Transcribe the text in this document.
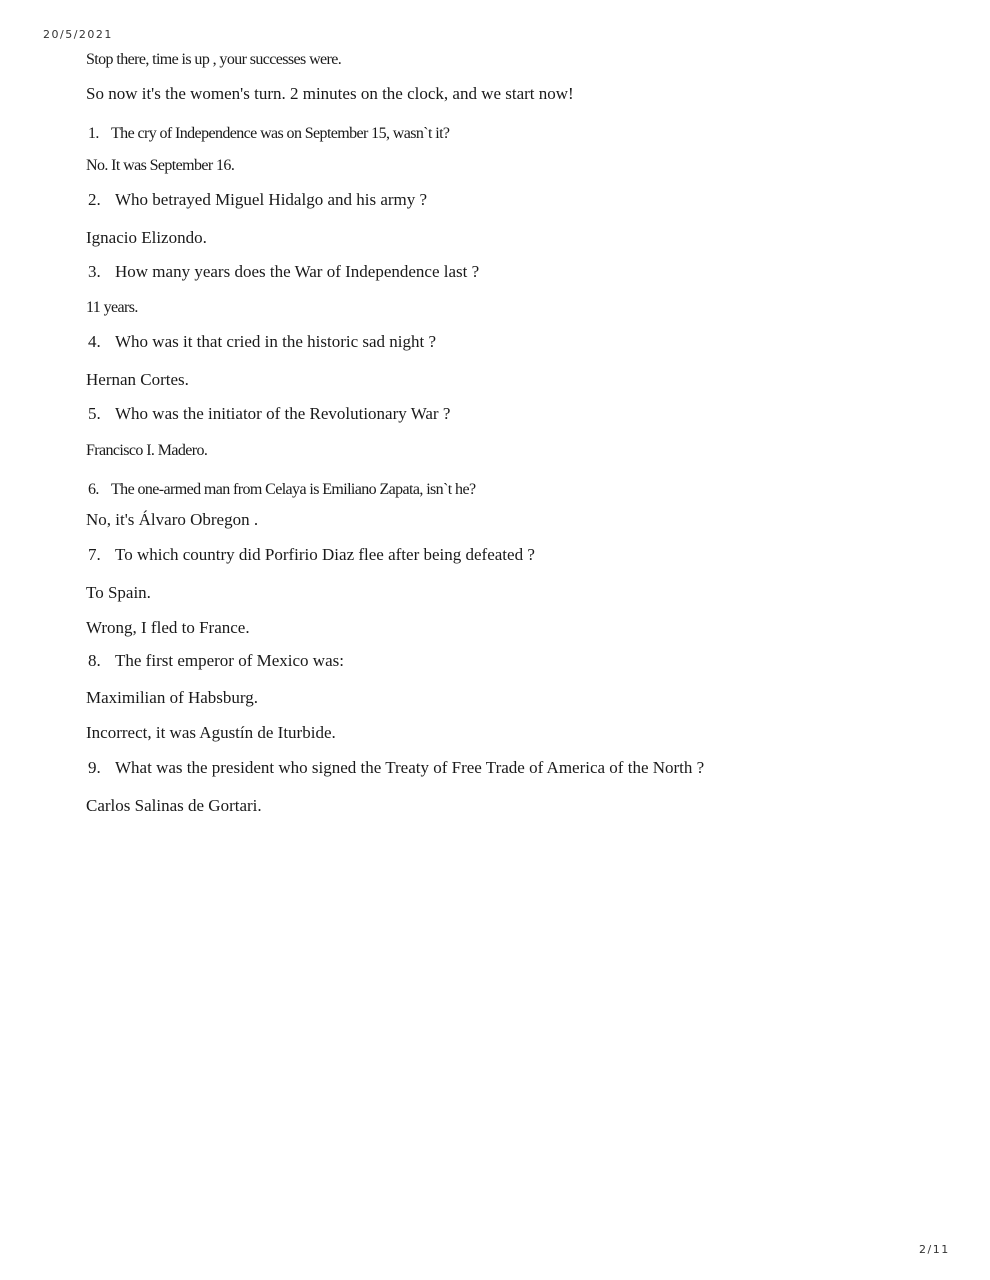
20/5/2021
2/11
Stop there, time is up , your successes were.
So now it's the women's turn. 2 minutes on the clock, and we start now!
1. The cry of Independence was on September 15, wasn`t it?
No. It was September 16.
2. Who betrayed Miguel Hidalgo and his army ?
Ignacio Elizondo.
3. How many years does the War of Independence last ?
11 years.
4. Who was it that cried in the historic sad night ?
Hernan Cortes.
5. Who was the initiator of the Revolutionary War ?
Francisco I. Madero.
6. The one-armed man from Celaya is Emiliano Zapata, isn`t he?
No, it's Álvaro Obregon .
7. To which country did Porfirio Diaz flee after being defeated ?
To Spain.
Wrong, I fled to France.
8. The first emperor of Mexico was:
Maximilian of Habsburg.
Incorrect, it was Agustín de Iturbide.
9. What was the president who signed the Treaty of Free Trade of America of the North ?
Carlos Salinas de Gortari.
